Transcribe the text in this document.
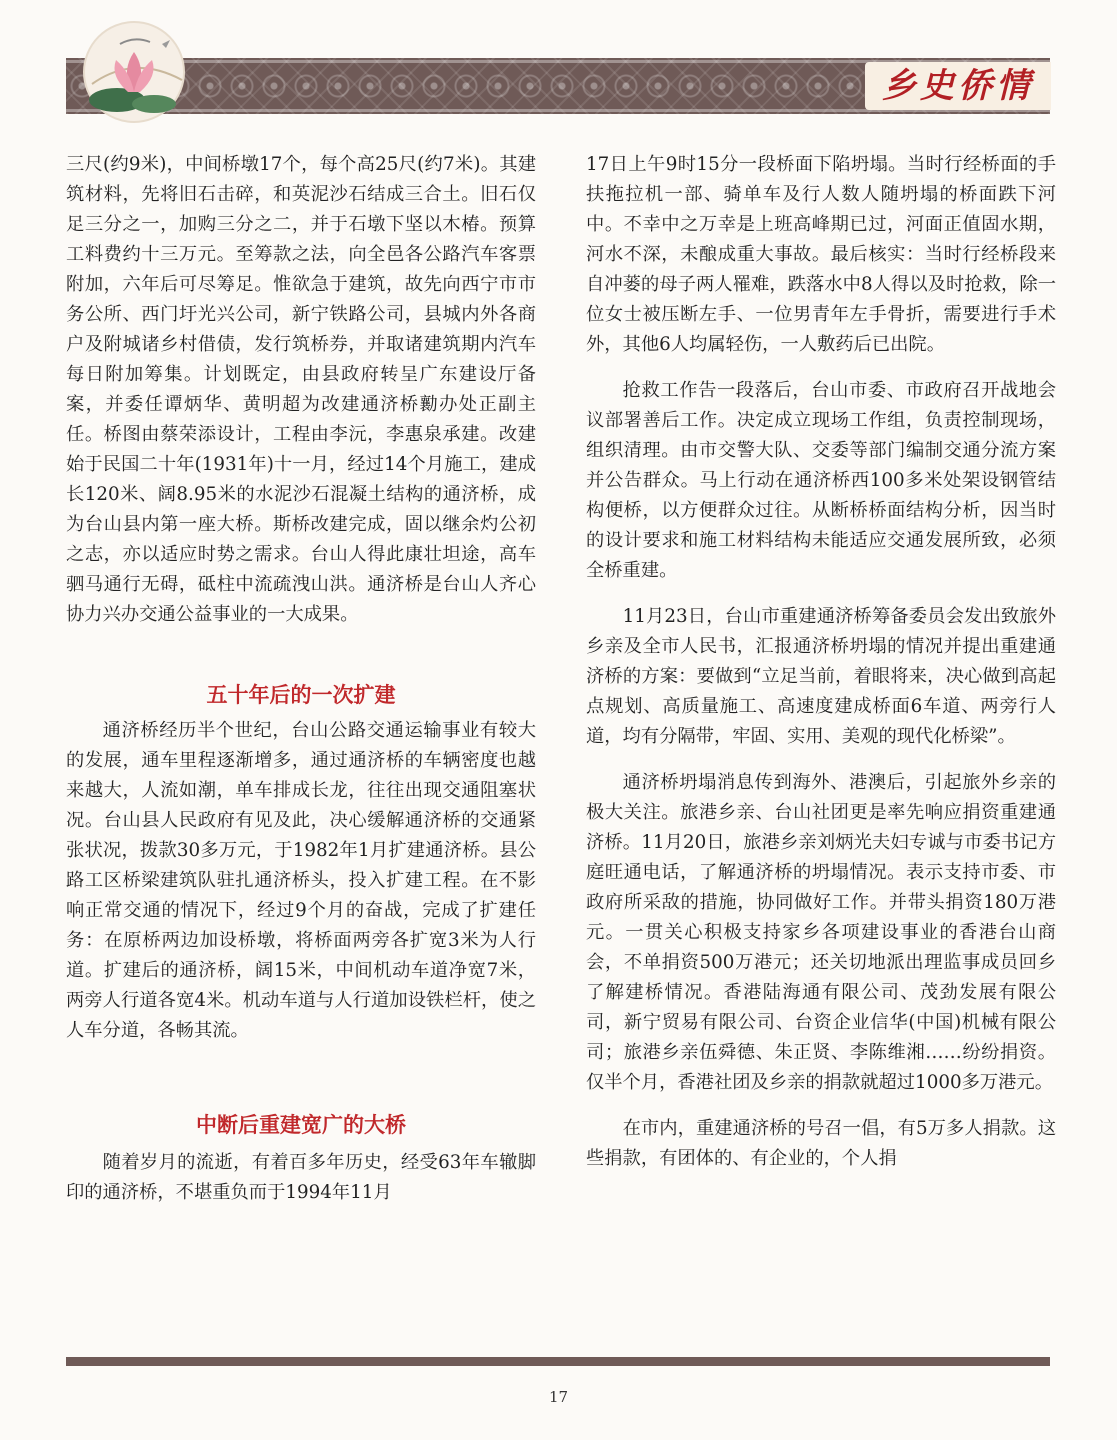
乡史侨情

三尺(约9米)，中间桥墩17个，每个高25尺(约7米)。其建筑材料，先将旧石击碎，和英泥沙石结成三合土。旧石仅足三分之一，加购三分之二，并于石墩下坚以木椿。预算工料费约十三万元。至筹款之法，向全邑各公路汽车客票附加，六年后可尽筹足。惟欲急于建筑，故先向西宁市市务公所、西门圩光兴公司，新宁铁路公司，县城内外各商户及附城诸乡村借债，发行筑桥券，并取诸建筑期内汽车每日附加筹集。计划既定，由县政府转呈广东建设厅备案，并委任谭炳华、黄明超为改建通济桥勷办处正副主任。桥图由蔡荣添设计，工程由李沅，李惠泉承建。改建始于民国二十年(1931年)十一月，经过14个月施工，建成长120米、阔8.95米的水泥沙石混凝土结构的通济桥，成为台山县内第一座大桥。斯桥改建完成，固以继余灼公初之志，亦以适应时势之需求。台山人得此康壮坦途，高车驷马通行无碍，砥柱中流疏洩山洪。通济桥是台山人齐心协力兴办交通公益事业的一大成果。

五十年后的一次扩建

通济桥经历半个世纪，台山公路交通运输事业有较大的发展，通车里程逐渐增多，通过通济桥的车辆密度也越来越大，人流如潮，单车排成长龙，往往出现交通阻塞状况。台山县人民政府有见及此，决心缓解通济桥的交通紧张状况，拨款30多万元，于1982年1月扩建通济桥。县公路工区桥梁建筑队驻扎通济桥头，投入扩建工程。在不影响正常交通的情况下，经过9个月的奋战，完成了扩建任务：在原桥两边加设桥墩，将桥面两旁各扩宽3米为人行道。扩建后的通济桥，阔15米，中间机动车道净宽7米，两旁人行道各宽4米。机动车道与人行道加设铁栏杆，使之人车分道，各畅其流。

中断后重建宽广的大桥

随着岁月的流逝，有着百多年历史，经受63年车辙脚印的通济桥，不堪重负而于1994年11月

17日上午9时15分一段桥面下陷坍塌。当时行经桥面的手扶拖拉机一部、骑单车及行人数人随坍塌的桥面跌下河中。不幸中之万幸是上班高峰期已过，河面正值固水期，河水不深，未酿成重大事故。最后核实：当时行经桥段来自冲蒌的母子两人罹难，跌落水中8人得以及时抢救，除一位女士被压断左手、一位男青年左手骨折，需要进行手术外，其他6人均属轻伤，一人敷药后已出院。

抢救工作告一段落后，台山市委、市政府召开战地会议部署善后工作。决定成立现场工作组，负责控制现场，组织清理。由市交警大队、交委等部门编制交通分流方案并公告群众。马上行动在通济桥西100多米处架设钢管结构便桥，以方便群众过往。从断桥桥面结构分析，因当时的设计要求和施工材料结构未能适应交通发展所致，必须全桥重建。

11月23日，台山市重建通济桥筹备委员会发出致旅外乡亲及全市人民书，汇报通济桥坍塌的情况并提出重建通济桥的方案：要做到“立足当前，着眼将来，决心做到高起点规划、高质量施工、高速度建成桥面6车道、两旁行人道，均有分隔带，牢固、实用、美观的现代化桥梁”。

通济桥坍塌消息传到海外、港澳后，引起旅外乡亲的极大关注。旅港乡亲、台山社团更是率先响应捐资重建通济桥。11月20日，旅港乡亲刘炳光夫妇专诚与市委书记方庭旺通电话，了解通济桥的坍塌情况。表示支持市委、市政府所采敌的措施，协同做好工作。并带头捐资180万港元。一贯关心积极支持家乡各项建设事业的香港台山商会，不单捐资500万港元；还关切地派出理监事成员回乡了解建桥情况。香港陆海通有限公司、茂劲发展有限公司，新宁贸易有限公司、台资企业信华(中国)机械有限公司；旅港乡亲伍舜德、朱正贤、李陈维湘……纷纷捐资。仅半个月，香港社团及乡亲的捐款就超过1000多万港元。

在市内，重建通济桥的号召一倡，有5万多人捐款。这些捐款，有团体的、有企业的，个人捐

17
